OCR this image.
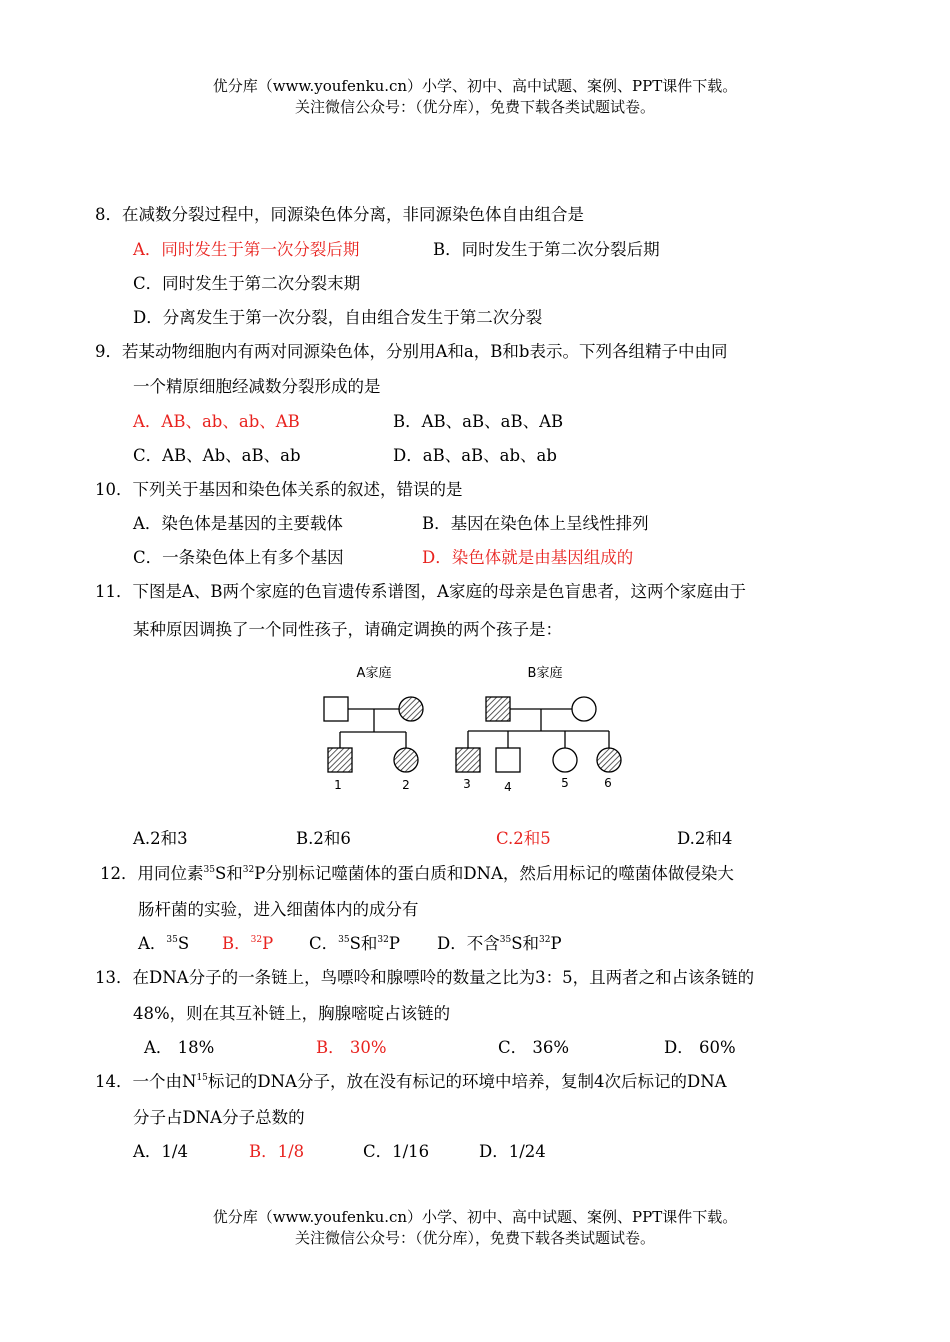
优分库（www.youfenku.cn）小学、初中、高中试题、案例、PPT课件下载。
关注微信公众号：（优分库），免费下载各类试题试卷。
8．在减数分裂过程中，同源染色体分离，非同源染色体自由组合是
A．同时发生于第一次分裂后期	B．同时发生于第二次分裂后期
C．同时发生于第二次分裂末期
D．分离发生于第一次分裂，自由组合发生于第二次分裂
9．若某动物细胞内有两对同源染色体，分别用A和a，B和b表示。下列各组精子中由同
一个精原细胞经减数分裂形成的是
A．AB、ab、ab、AB	B．AB、aB、aB、AB
C．AB、Ab、aB、ab	D．aB、aB、ab、ab
10．下列关于基因和染色体关系的叙述，错误的是
A．染色体是基因的主要载体	B．基因在染色体上呈线性排列
C．一条染色体上有多个基因	D．染色体就是由基因组成的
11．下图是A、B两个家庭的色盲遗传系谱图，A家庭的母亲是色盲患者，这两个家庭由于
某种原因调换了一个同性孩子，请确定调换的两个孩子是：
A家庭	B家庭
1	2	3	4	5	6
A.2和3	B.2和6	C.2和5	D.2和4
12．用同位素$^{35}$S和$^{32}$P分别标记噬菌体的蛋白质和DNA，然后用标记的噬菌体做侵染大
肠杆菌的实验，进入细菌体内的成分有
A．$^{35}$S B．$^{32}$P C．$^{35}$S和$^{32}$P D．不含$^{35}$S和$^{32}$P
13．在DNA分子的一条链上，鸟嘌呤和腺嘌呤的数量之比为3：5，且两者之和占该条链的
48%，则在其互补链上，胸腺嘧啶占该链的
A． 18%	B． 30%	C． 36%	D． 60%
14．一个由$N^{15}$标记的DNA分子，放在没有标记的环境中培养，复制4次后标记的DNA
分子占DNA分子总数的
A．1/4	B．1/8	C．1/16	D．1/24
优分库（www.youfenku.cn）小学、初中、高中试题、案例、PPT课件下载。
关注微信公众号：（优分库），免费下载各类试题试卷。
